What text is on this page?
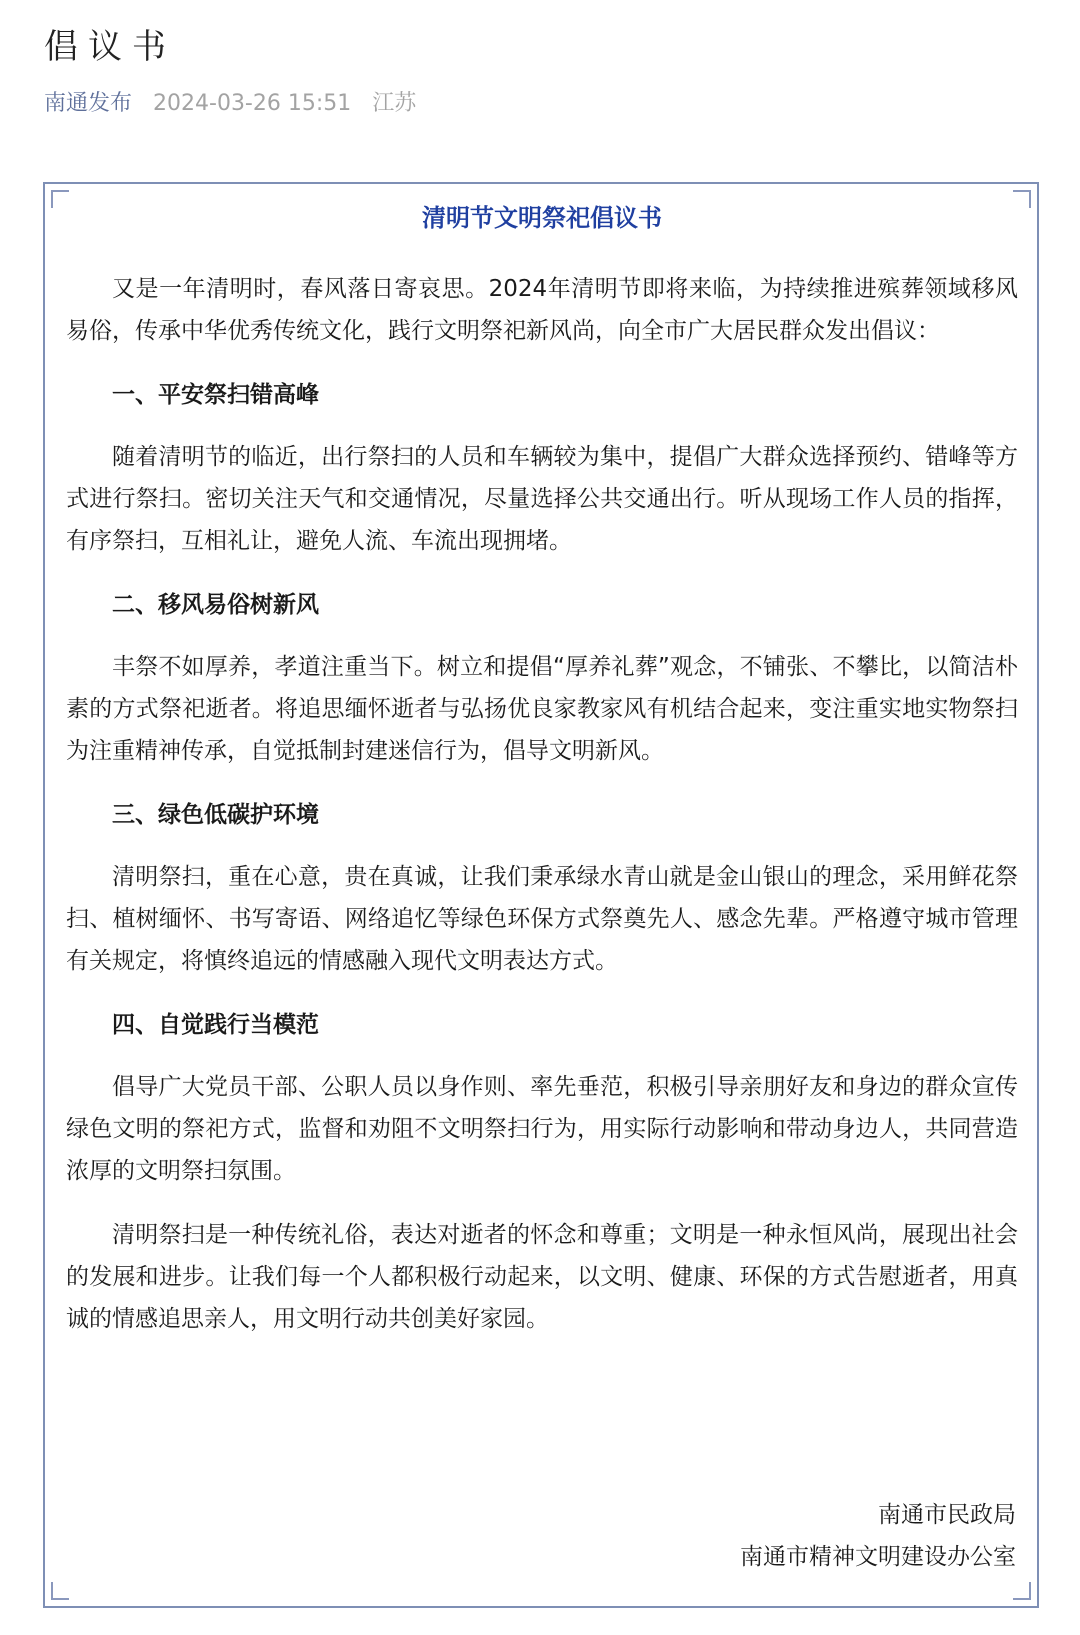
倡议书
南通发布 2024-03-26 15:51 江苏
清明节文明祭祀倡议书

又是一年清明时，春风落日寄哀思。2024年清明节即将来临，为持续推进殡葬领域移风易俗，传承中华优秀传统文化，践行文明祭祀新风尚，向全市广大居民群众发出倡议：

一、平安祭扫错高峰

随着清明节的临近，出行祭扫的人员和车辆较为集中，提倡广大群众选择预约、错峰等方式进行祭扫。密切关注天气和交通情况，尽量选择公共交通出行。听从现场工作人员的指挥，有序祭扫，互相礼让，避免人流、车流出现拥堵。

二、移风易俗树新风

丰祭不如厚养，孝道注重当下。树立和提倡“厚养礼葬”观念，不铺张、不攀比，以简洁朴素的方式祭祀逝者。将追思缅怀逝者与弘扬优良家教家风有机结合起来，变注重实地实物祭扫为注重精神传承，自觉抵制封建迷信行为，倡导文明新风。

三、绿色低碳护环境

清明祭扫，重在心意，贵在真诚，让我们秉承绿水青山就是金山银山的理念，采用鲜花祭扫、植树缅怀、书写寄语、网络追忆等绿色环保方式祭奠先人、感念先辈。严格遵守城市管理有关规定，将慎终追远的情感融入现代文明表达方式。

四、自觉践行当模范

倡导广大党员干部、公职人员以身作则、率先垂范，积极引导亲朋好友和身边的群众宣传绿色文明的祭祀方式，监督和劝阻不文明祭扫行为，用实际行动影响和带动身边人，共同营造浓厚的文明祭扫氛围。

清明祭扫是一种传统礼俗，表达对逝者的怀念和尊重；文明是一种永恒风尚，展现出社会的发展和进步。让我们每一个人都积极行动起来，以文明、健康、环保的方式告慰逝者，用真诚的情感追思亲人，用文明行动共创美好家园。

南通市民政局
南通市精神文明建设办公室
